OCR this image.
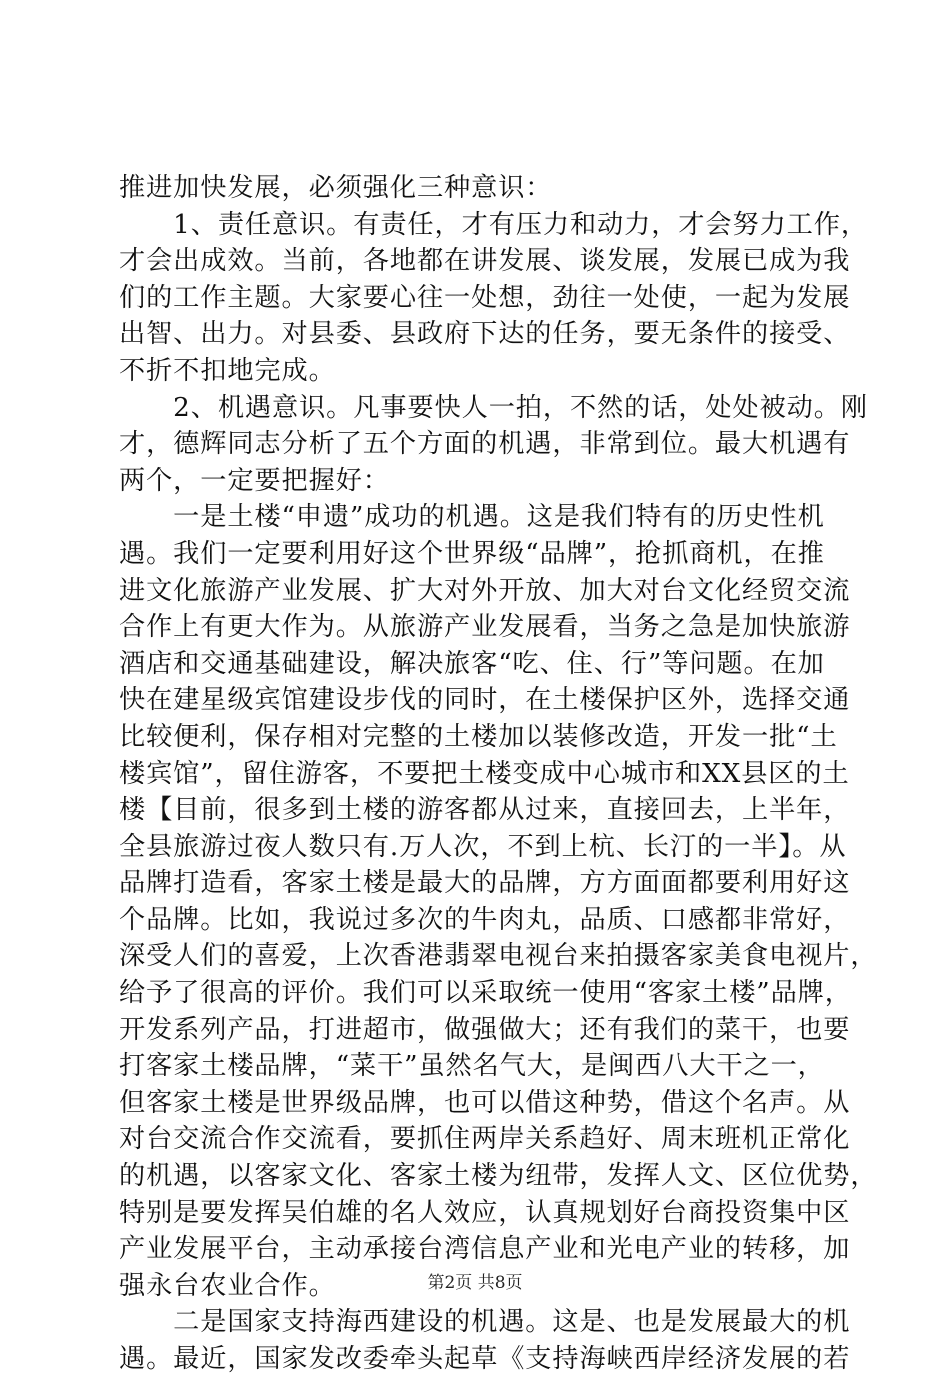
推进加快发展，必须强化三种意识：
　　1、责任意识。有责任，才有压力和动力，才会努力工作，
才会出成效。当前，各地都在讲发展、谈发展，发展已成为我
们的工作主题。大家要心往一处想，劲往一处使，一起为发展
出智、出力。对县委、县政府下达的任务，要无条件的接受、
不折不扣地完成。
　　2、机遇意识。凡事要快人一拍，不然的话，处处被动。刚
才，德辉同志分析了五个方面的机遇，非常到位。最大机遇有
两个，一定要把握好：
　　一是土楼“申遗”成功的机遇。这是我们特有的历史性机
遇。我们一定要利用好这个世界级“品牌”，抢抓商机，在推
进文化旅游产业发展、扩大对外开放、加大对台文化经贸交流
合作上有更大作为。从旅游产业发展看，当务之急是加快旅游
酒店和交通基础建设，解决旅客“吃、住、行”等问题。在加
快在建星级宾馆建设步伐的同时，在土楼保护区外，选择交通
比较便利，保存相对完整的土楼加以装修改造，开发一批“土
楼宾馆”，留住游客，不要把土楼变成中心城市和XX县区的土
楼【目前，很多到土楼的游客都从过来，直接回去，上半年，
全县旅游过夜人数只有.万人次，不到上杭、长汀的一半】。从
品牌打造看，客家土楼是最大的品牌，方方面面都要利用好这
个品牌。比如，我说过多次的牛肉丸，品质、口感都非常好，
深受人们的喜爱，上次香港翡翠电视台来拍摄客家美食电视片，
给予了很高的评价。我们可以采取统一使用“客家土楼”品牌，
开发系列产品，打进超市，做强做大；还有我们的菜干，也要
打客家土楼品牌，“菜干”虽然名气大，是闽西八大干之一，
但客家土楼是世界级品牌，也可以借这种势，借这个名声。从
对台交流合作交流看，要抓住两岸关系趋好、周末班机正常化
的机遇，以客家文化、客家土楼为纽带，发挥人文、区位优势，
特别是要发挥吴伯雄的名人效应，认真规划好台商投资集中区
产业发展平台，主动承接台湾信息产业和光电产业的转移，加
强永台农业合作。
　　二是国家支持海西建设的机遇。这是、也是发展最大的机
遇。最近，国家发改委牵头起草《支持海峡西岸经济发展的若
第2页 共8页
